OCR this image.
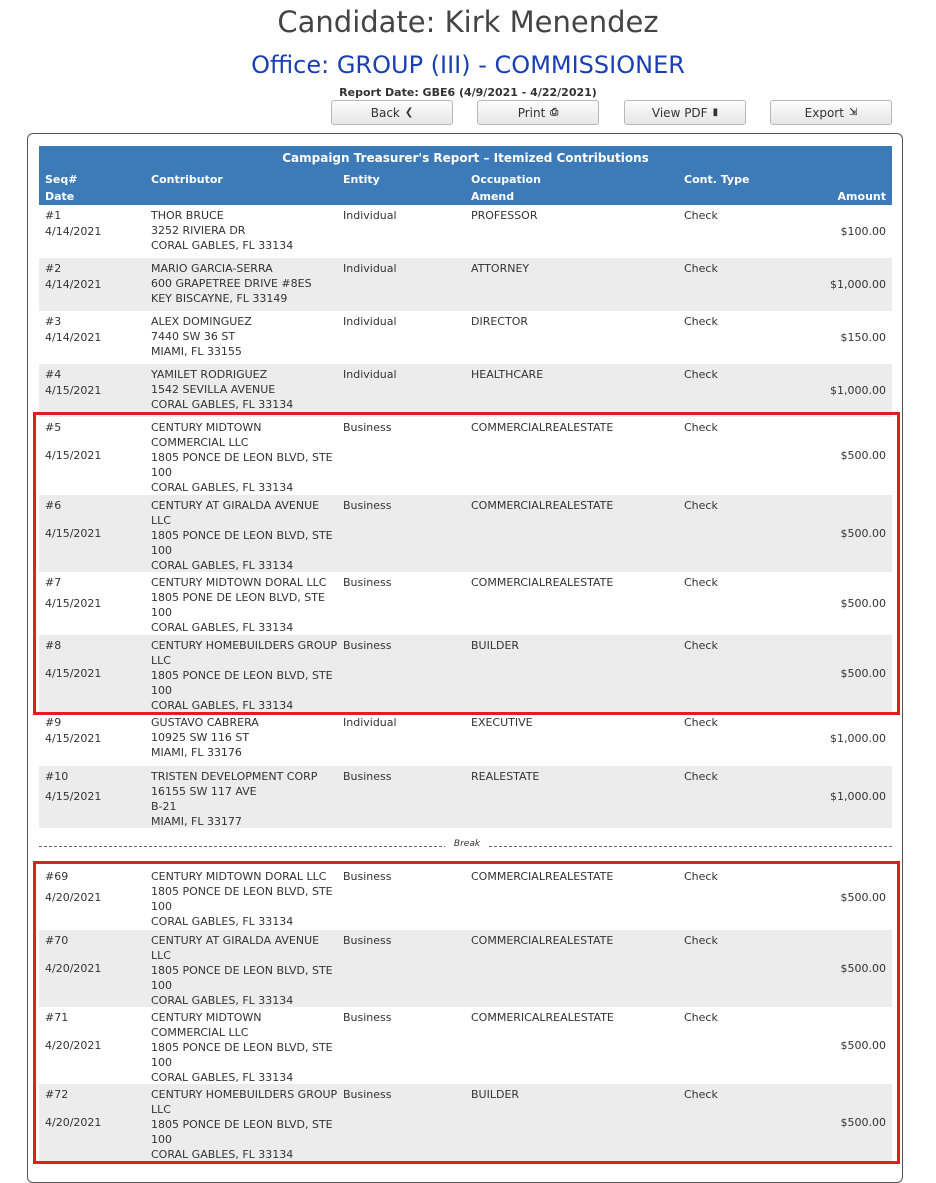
Candidate: Kirk Menendez
Office: GROUP (III) - COMMISSIONER
Report Date: GBE6 (4/9/2021 - 4/22/2021)
Back ❮	Print ⎙	View PDF ▮	Export ⇲
Campaign Treasurer's Report – Itemized Contributions
Seq#
Date
Contributor	Entity	Occupation
Amend
Cont. Type
Amount
#1
4/14/2021
THOR BRUCE
3252 RIVIERA DR
CORAL GABLES, FL 33134
Individual	PROFESSOR	Check
$100.00
#2
4/14/2021
MARIO GARCIA-SERRA
600 GRAPETREE DRIVE #8ES
KEY BISCAYNE, FL 33149
Individual	ATTORNEY	Check
$1,000.00
#3
4/14/2021
ALEX DOMINGUEZ
7440 SW 36 ST
MIAMI, FL 33155
Individual	DIRECTOR	Check
$150.00
#4
4/15/2021
YAMILET RODRIGUEZ
1542 SEVILLA AVENUE
CORAL GABLES, FL 33134
Individual	HEALTHCARE	Check
$1,000.00
#5
4/15/2021
CENTURY MIDTOWN
COMMERCIAL LLC
1805 PONCE DE LEON BLVD, STE
100
CORAL GABLES, FL 33134
Business	COMMERCIALREALESTATE	Check
$500.00
#6
4/15/2021
CENTURY AT GIRALDA AVENUE
LLC
1805 PONCE DE LEON BLVD, STE
100
CORAL GABLES, FL 33134
Business	COMMERCIALREALESTATE	Check
$500.00
#7
4/15/2021
CENTURY MIDTOWN DORAL LLC
1805 PONE DE LEON BLVD, STE
100
CORAL GABLES, FL 33134
Business	COMMERCIALREALESTATE	Check
$500.00
#8
4/15/2021
CENTURY HOMEBUILDERS GROUP
LLC
1805 PONCE DE LEON BLVD, STE
100
CORAL GABLES, FL 33134
Business	BUILDER	Check
$500.00
#9
4/15/2021
GUSTAVO CABRERA
10925 SW 116 ST
MIAMI, FL 33176
Individual	EXECUTIVE	Check
$1,000.00
#10
4/15/2021
TRISTEN DEVELOPMENT CORP
16155 SW 117 AVE
B-21
MIAMI, FL 33177
Business	REALESTATE	Check
$1,000.00
#69
4/20/2021
CENTURY MIDTOWN DORAL LLC
1805 PONCE DE LEON BLVD, STE
100
CORAL GABLES, FL 33134
Business	COMMERCIALREALESTATE	Check
$500.00
#70
4/20/2021
CENTURY AT GIRALDA AVENUE
LLC
1805 PONCE DE LEON BLVD, STE
100
CORAL GABLES, FL 33134
Business	COMMERCIALREALESTATE	Check
$500.00
#71
4/20/2021
CENTURY MIDTOWN
COMMERCIAL LLC
1805 PONCE DE LEON BLVD, STE
100
CORAL GABLES, FL 33134
Business	COMMERICALREALESTATE	Check
$500.00
#72
4/20/2021
CENTURY HOMEBUILDERS GROUP
LLC
1805 PONCE DE LEON BLVD, STE
100
CORAL GABLES, FL 33134
Business	BUILDER	Check
$500.00
Break
